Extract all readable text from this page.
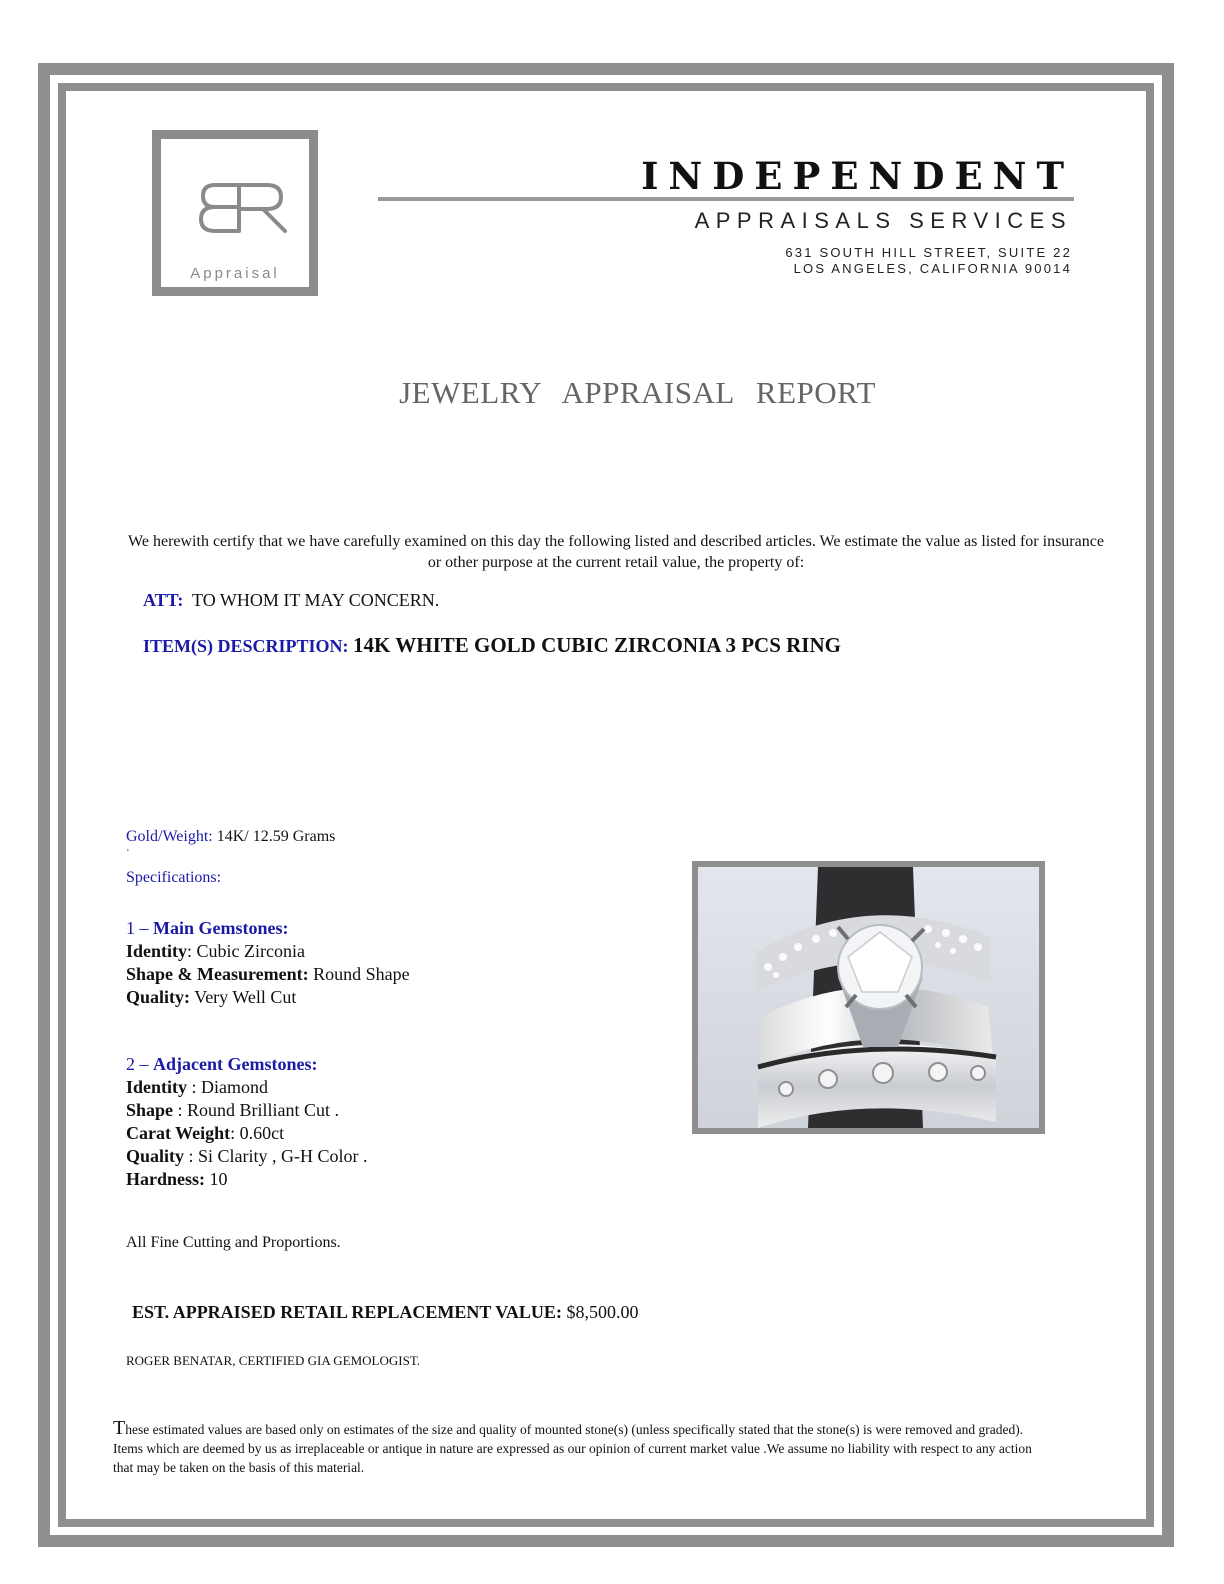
Appraisal
INDEPENDENT
APPRAISALS SERVICES
631 SOUTH HILL STREET, SUITE 22
LOS ANGELES, CALIFORNIA 90014
JEWELRY APPRAISAL REPORT
We herewith certify that we have carefully examined on this day the following listed and described articles. We estimate the value as listed for insurance or other purpose at the current retail value, the property of:
ATT: TO WHOM IT MAY CONCERN.
ITEM(S) DESCRIPTION: 14K WHITE GOLD CUBIC ZIRCONIA 3 PCS RING
Gold/Weight: 14K/ 12.59 Grams
'
Specifications:
1 – Main Gemstones:
Identity: Cubic Zirconia
Shape & Measurement: Round Shape
Quality: Very Well Cut
2 – Adjacent Gemstones:
Identity : Diamond
Shape : Round Brilliant Cut .
Carat Weight: 0.60ct
Quality : Si Clarity , G-H Color .
Hardness: 10
All Fine Cutting and Proportions.
EST. APPRAISED RETAIL REPLACEMENT VALUE: $8,500.00
ROGER BENATAR, CERTIFIED GIA GEMOLOGIST.
These estimated values are based only on estimates of the size and quality of mounted stone(s) (unless specifically stated that the stone(s) is were removed and graded). Items which are deemed by us as irreplaceable or antique in nature are expressed as our opinion of current market value .We assume no liability with respect to any action that may be taken on the basis of this material.
